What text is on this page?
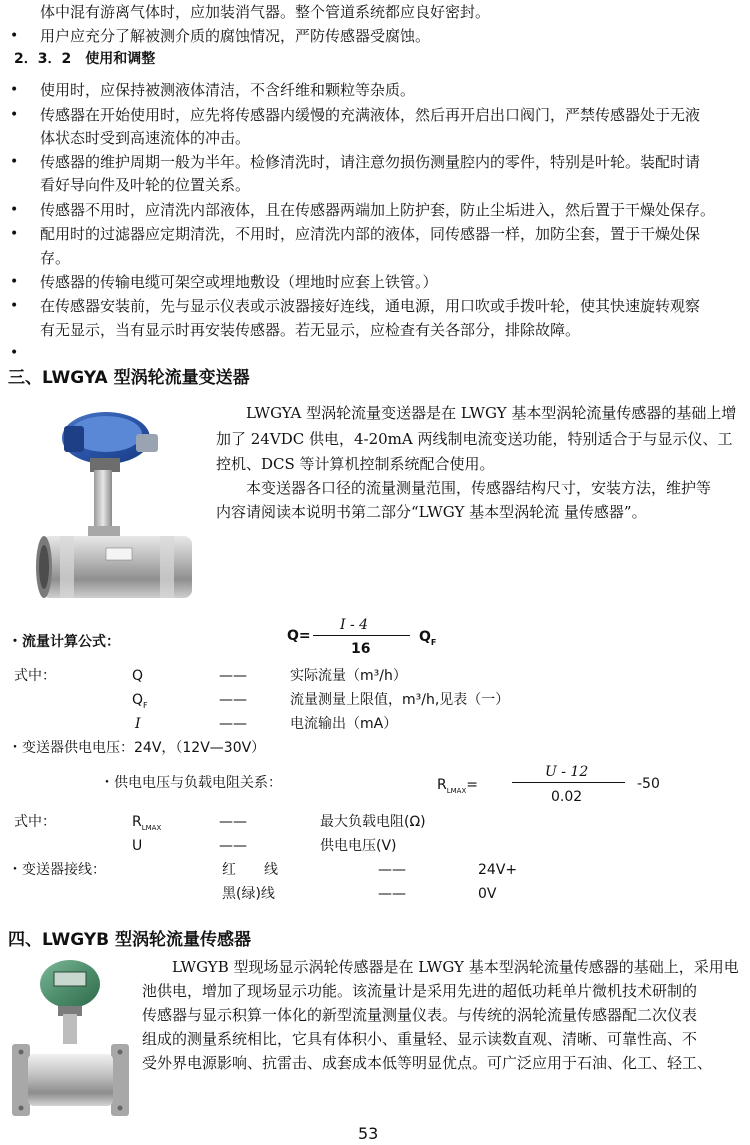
体中混有游离气体时，应加装消气器。整个管道系统都应良好密封。
• 用户应充分了解被测介质的腐蚀情况，严防传感器受腐蚀。
2．3．2　使用和调整
• 使用时，应保持被测液体清洁，不含纤维和颗粒等杂质。
• 传感器在开始使用时，应先将传感器内缓慢的充满液体，然后再开启出口阀门，严禁传感器处于无液
体状态时受到高速流体的冲击。
• 传感器的维护周期一般为半年。检修清洗时，请注意勿损伤测量腔内的零件，特别是叶轮。装配时请
看好导向件及叶轮的位置关系。
• 传感器不用时，应清洗内部液体，且在传感器两端加上防护套，防止尘垢进入，然后置于干燥处保存。
• 配用时的过滤器应定期清洗，不用时，应清洗内部的液体，同传感器一样，加防尘套，置于干燥处保
存。
• 传感器的传输电缆可架空或埋地敷设（埋地时应套上铁管。）
• 在传感器安装前，先与显示仪表或示波器接好连线，通电源，用口吹或手拨叶轮，使其快速旋转观察
有无显示，当有显示时再安装传感器。若无显示，应检查有关各部分，排除故障。
•
三、LWGYA 型涡轮流量变送器
LWGYA 型涡轮流量变送器是在 LWGY 基本型涡轮流量传感器的基础上增
加了 24VDC 供电，4-20mA 两线制电流变送功能，特别适合于与显示仪、工
控机、DCS 等计算机控制系统配合使用。
本变送器各口径的流量测量范围，传感器结构尺寸，安装方法，维护等
内容请阅读本说明书第二部分“LWGY 基本型涡轮流 量传感器”。
・流量计算公式：	Q=
I - 4
16
$Q_F$
式中：	Q	——	实际流量（m³/h）
$Q_F$	——	流量测量上限值，m³/h,见表（一）
I	——	电流输出（mA）
・变送器供电电压：24V，（12V—30V）
・供电电压与负载电阻关系：	$R_{LMAX}=$
U - 12
0.02
-50
式中：	$R_{LMAX}$	——	最大负载电阻(Ω)
U	——	供电电压(V)
・变送器接线：	红　　线	——	24V+
黑(绿)线	——	0V
四、LWGYB 型涡轮流量传感器
LWGYB 型现场显示涡轮传感器是在 LWGY 基本型涡轮流量传感器的基础上，采用电
池供电，增加了现场显示功能。该流量计是采用先进的超低功耗单片微机技术研制的
传感器与显示积算一体化的新型流量测量仪表。与传统的涡轮流量传感器配二次仪表
组成的测量系统相比，它具有体积小、重量轻、显示读数直观、清晰、可靠性高、不
受外界电源影响、抗雷击、成套成本低等明显优点。可广泛应用于石油、化工、轻工、
53
